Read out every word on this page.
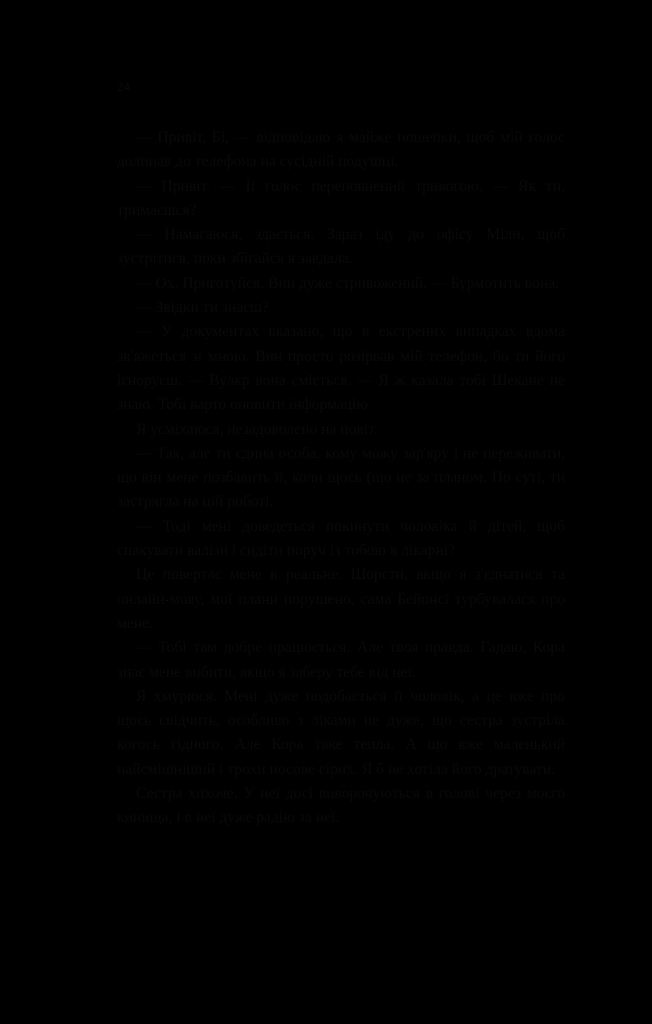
24

— Привіт, Бі, — відповідаю я майже пошепки, щоб мій голос долинав до телефона на сусідній подушці.

— Привіт. — Її голос переповнений тривогою. — Як ти, тримаєшся?

— Намагаюся, здається. Зараз їду до офісу Міли, щоб зустрітися, поки збігайся я завдала.

— Ох. Приготуйся. Вин дуже стривожений. — Бурмотить вона.

— Звідки ти знаєш?

— У документах вказано, що в екстрених випадках вдома зв'яжеться зі мною. Вин просто розірвав мій телефон, бо ти його ігноруєш. — Вулкр вона сміється. — Я ж казала тобі Шекане не знаю. Тобі варто оновити інформацію.

Я усміхаюся, незадоволено на повіт.

— Так, але ти єдина особа, кому можу зар'яру і не переживати, що він мене позбавить її, коли щось (що не за планом. По суті, ти застрягла на цій роботі.

— Тоді мені доведеться покинути чоловіка й дітей, щоб спакувати валізи і сидіти поруч із тобою в лікарні?

Це повертає мене в реальне. Шорсти, якщо я з'єднатися та онлайн-мову, мої плани порушено, сама Бейонсі турбувалася про мене.

— Тобі там добре працюється. Але твоя правда. Гадаю, Кора знає мене вибити, якщо я заберу тебе від неї.

Я хмурюся. Мені дуже подобається її чоловік, а це вже про щось свідчить, особливо з ліками не дуже, що сестра зустріла когось гідного. Але Кора таке тепла. А що вже маленький найсмішніший і трохи носове сірих. Я б не хотіла його дратувати.

Сестра хихоче. У неї досі виворочуються в голові через моєго кинища, і в неї дуже радію за неї.
